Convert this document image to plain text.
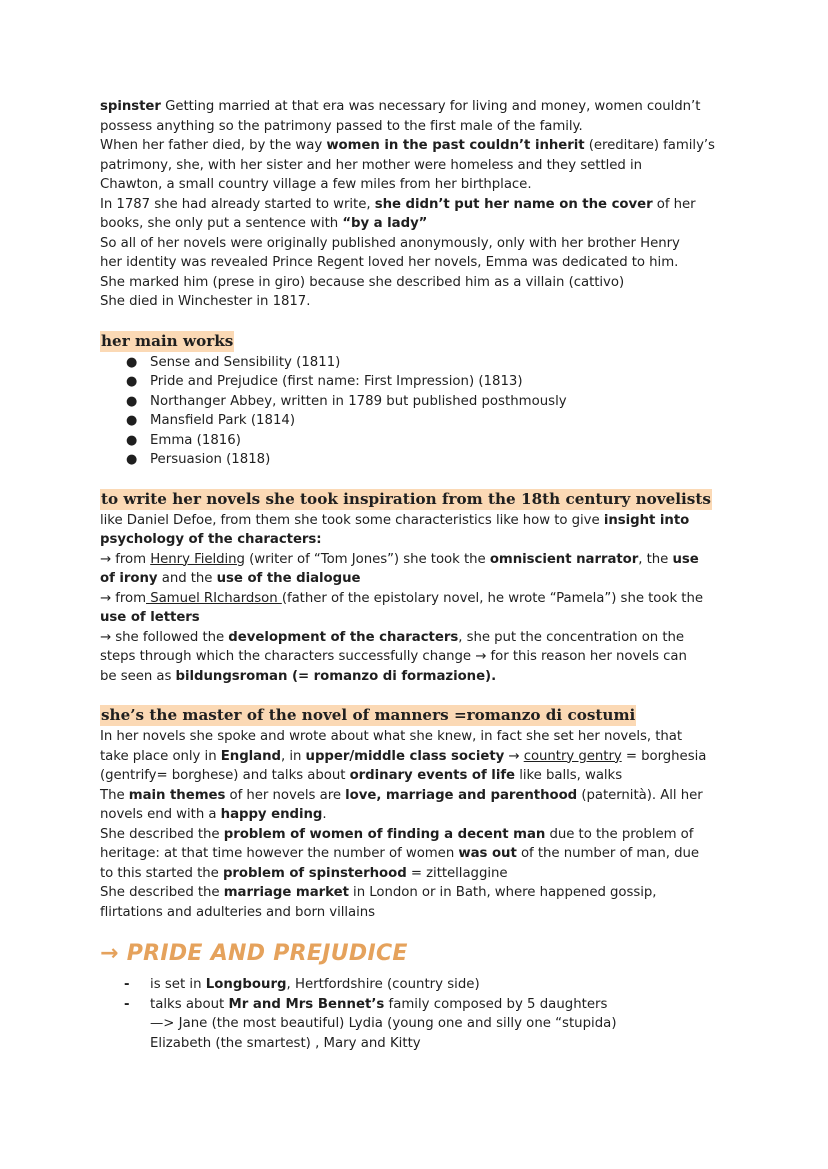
spinster Getting married at that era was necessary for living and money, women couldn’t
possess anything so the patrimony passed to the first male of the family.
When her father died, by the way women in the past couldn’t inherit (ereditare) family’s
patrimony, she, with her sister and her mother were homeless and they settled in
Chawton, a small country village a few miles from her birthplace.
In 1787 she had already started to write, she didn’t put her name on the cover of her
books, she only put a sentence with “by a lady”
So all of her novels were originally published anonymously, only with her brother Henry
her identity was revealed Prince Regent loved her novels, Emma was dedicated to him.
She marked him (prese in giro) because she described him as a villain (cattivo)
She died in Winchester in 1817.
her main works
● Sense and Sensibility (1811)
● Pride and Prejudice (first name: First Impression) (1813)
● Northanger Abbey, written in 1789 but published posthmously
● Mansfield Park (1814)
● Emma (1816)
● Persuasion (1818)
to write her novels she took inspiration from the 18th century novelists
like Daniel Defoe, from them she took some characteristics like how to give insight into
psychology of the characters:
→ from Henry Fielding (writer of “Tom Jones”) she took the omniscient narrator, the use
of irony and the use of the dialogue
→ from Samuel RIchardson (father of the epistolary novel, he wrote “Pamela”) she took the
use of letters
→ she followed the development of the characters, she put the concentration on the
steps through which the characters successfully change → for this reason her novels can
be seen as bildungsroman (= romanzo di formazione).
she’s the master of the novel of manners =romanzo di costumi
In her novels she spoke and wrote about what she knew, in fact she set her novels, that
take place only in England, in upper/middle class society → country gentry = borghesia
(gentrify= borghese) and talks about ordinary events of life like balls, walks
The main themes of her novels are love, marriage and parenthood (paternità). All her
novels end with a happy ending.
She described the problem of women of finding a decent man due to the problem of
heritage: at that time however the number of women was out of the number of man, due
to this started the problem of spinsterhood = zittellaggine
She described the marriage market in London or in Bath, where happened gossip,
flirtations and adulteries and born villains
→ PRIDE AND PREJUDICE
- is set in Longbourg, Hertfordshire (country side)
- talks about Mr and Mrs Bennet’s family composed by 5 daughters
—> Jane (the most beautiful) Lydia (young one and silly one “stupida)
Elizabeth (the smartest) , Mary and Kitty
